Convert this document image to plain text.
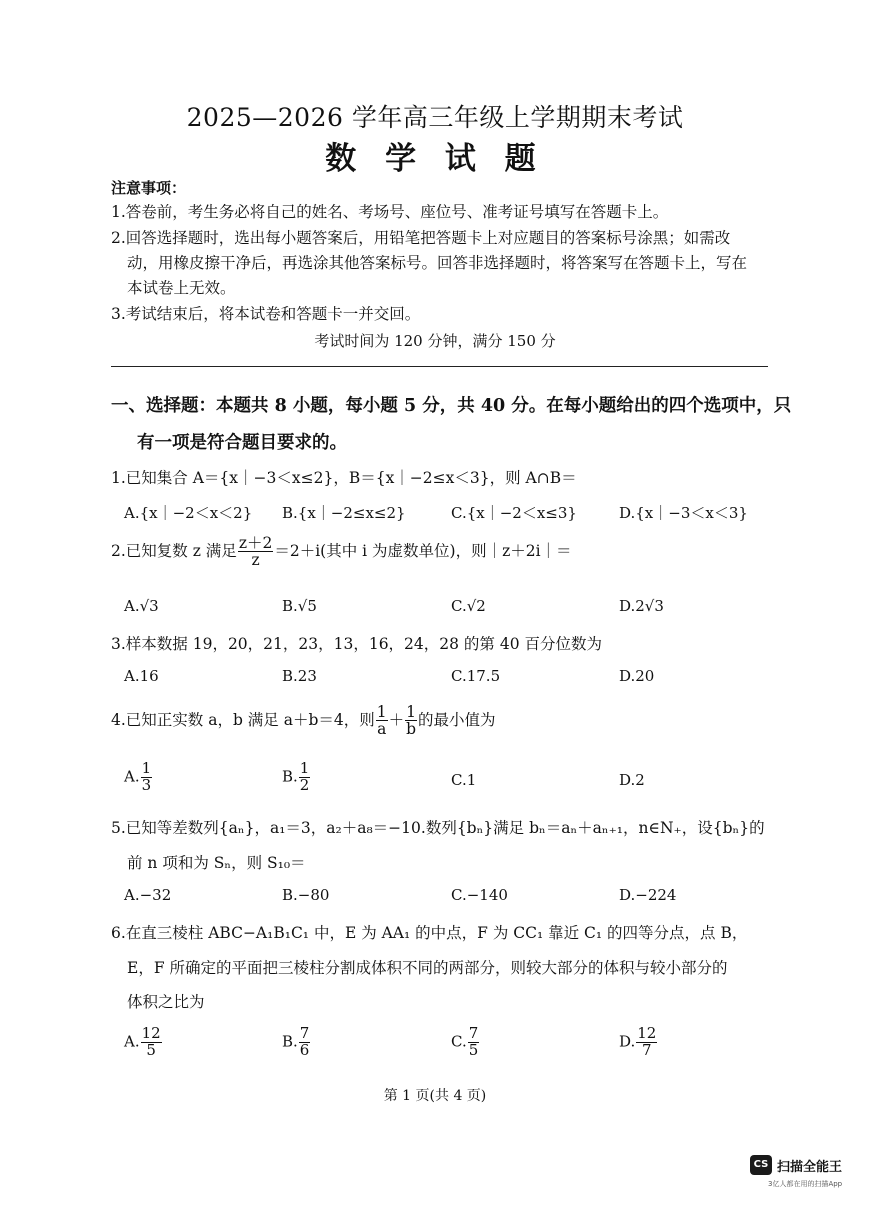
2025—2026 学年高三年级上学期期末考试
数 学 试 题
注意事项：
1.答卷前，考生务必将自己的姓名、考场号、座位号、准考证号填写在答题卡上。
2.回答选择题时，选出每小题答案后，用铅笔把答题卡上对应题目的答案标号涂黑；如需改
动，用橡皮擦干净后，再选涂其他答案标号。回答非选择题时，将答案写在答题卡上，写在
本试卷上无效。
3.考试结束后，将本试卷和答题卡一并交回。
考试时间为 120 分钟，满分 150 分
一、选择题：本题共 8 小题，每小题 5 分，共 40 分。在每小题给出的四个选项中，只
有一项是符合题目要求的。
1.已知集合 A＝{x｜−3＜x≤2}，B＝{x｜−2≤x＜3}，则 A∩B＝
A.{x｜−2＜x＜2} B.{x｜−2≤x≤2}	C.{x｜−2＜x≤3}	D.{x｜−3＜x＜3}
2.已知复数 z 满足 $\frac{z+2}{z} =2+i$(其中 i 为虚数单位)，则｜z＋2i｜＝
A.√3	B.√5	C.√2	D.2√3
3.样本数据 19，20，21，23，13，16，24，28 的第 40 百分位数为
A.16	B.23	C.17.5	D.20
4.已知正实数 a，b 满足 a＋b＝4，则 $\frac{1}{a} + \frac{1}{b}$ 的最小值为
A. $\frac{1}{3}$	B. $\frac{1}{2}$	C.1	D.2
5.已知等差数列{aₙ}，a₁＝3，a₂＋a₈＝−10.数列{bₙ}满足 bₙ＝aₙ＋aₙ₊₁，n∈N₊，设{bₙ}的
前 n 项和为 Sₙ，则 S₁₀＝
A.−32	B.−80	C.−140	D.−224
6.在直三棱柱 ABC−A₁B₁C₁ 中，E 为 AA₁ 的中点，F 为 CC₁ 靠近 C₁ 的四等分点，点 B，
E，F 所确定的平面把三棱柱分割成体积不同的两部分，则较大部分的体积与较小部分的
体积之比为
A. $\frac{12}{5}$	B. $\frac{7}{6}$	C. $\frac{7}{5}$	D. $\frac{12}{7}$
第 1 页(共 4 页)
CS 扫描全能王
3亿人都在用的扫描App
